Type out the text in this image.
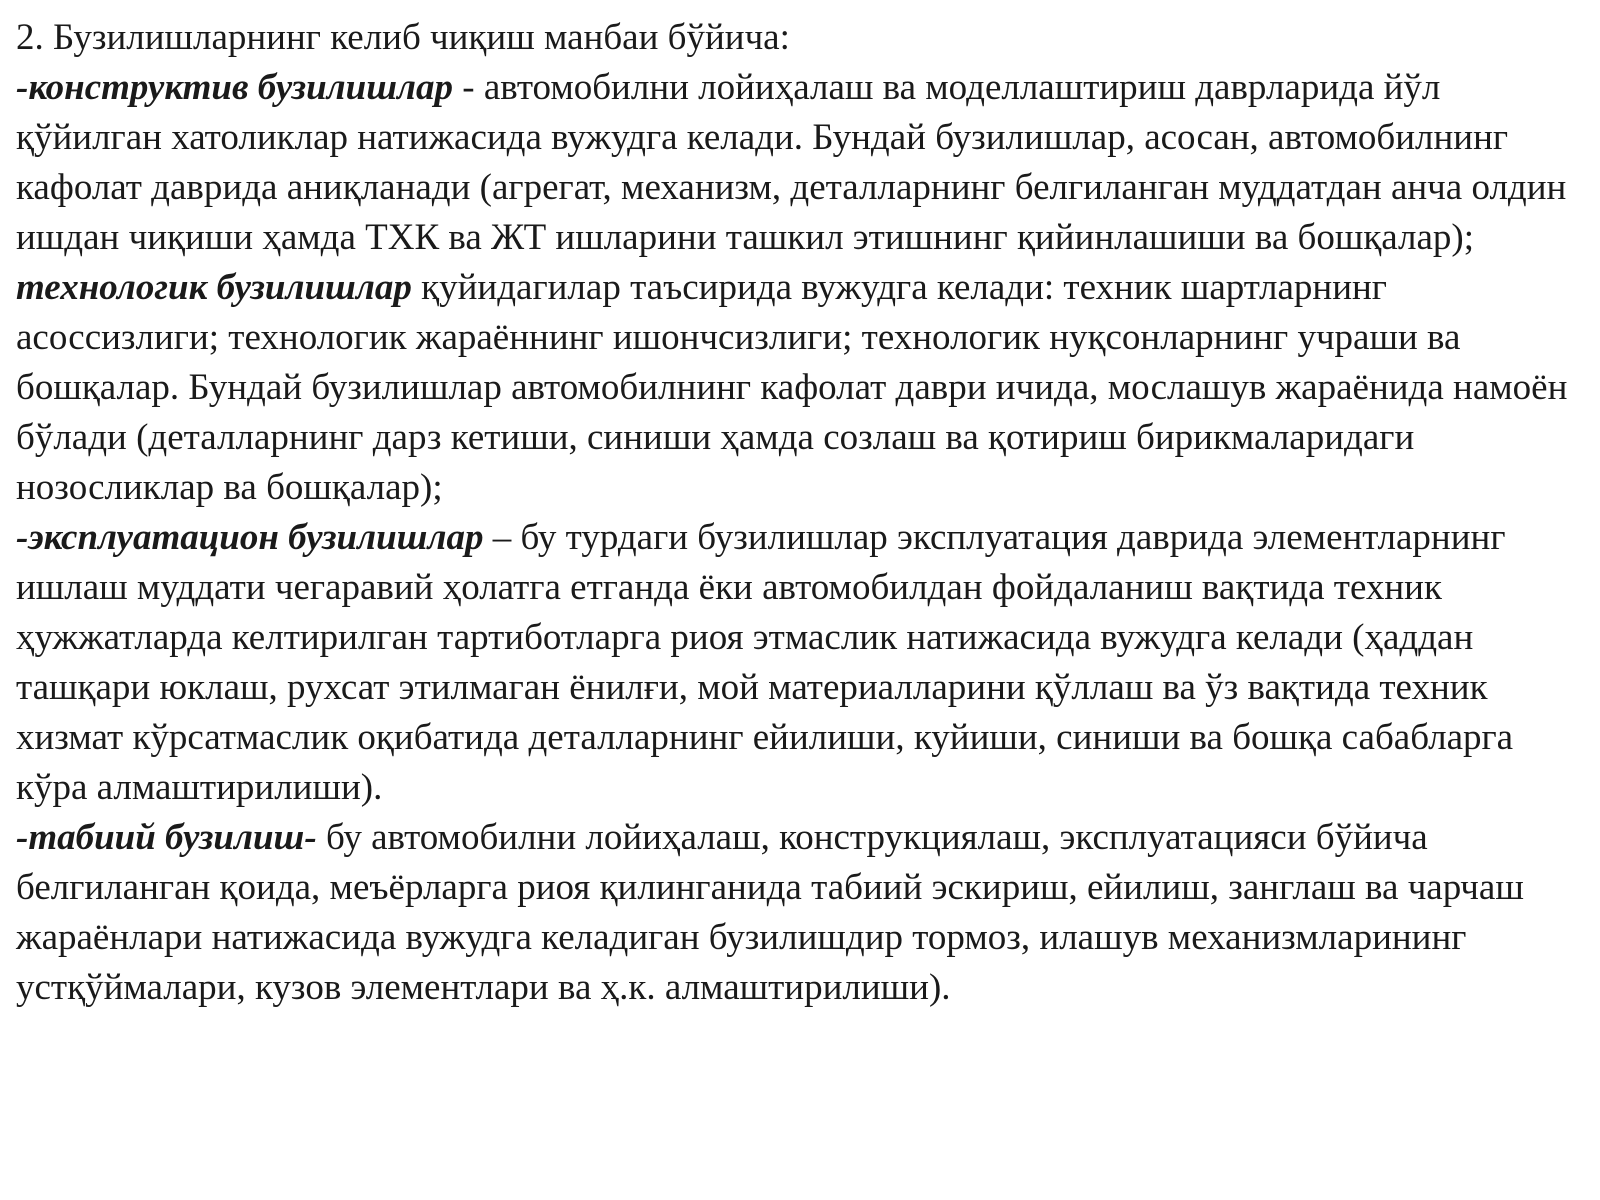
2. Бузилишларнинг келиб чиқиш манбаи бўйича:

-конструктив бузилишлар - автомобилни лойиҳалаш ва моделлаштириш даврларида йўл қўйилган хатоликлар натижасида вужудга келади. Бундай бузилишлар, асосан, автомобилнинг кафолат даврида аниқланади (агрегат, механизм, деталларнинг белгиланган муддатдан анча олдин ишдан чиқиши ҳамда ТХК ва ЖТ ишларини ташкил этишнинг қийинлашиши ва бошқалар);

технологик бузилишлар қуйидагилар таъсирида вужудга келади: техник шартларнинг асоссизлиги; технологик жараённинг ишончсизлиги; технологик нуқсонларнинг учраши ва бошқалар. Бундай бузилишлар автомобилнинг кафолат даври ичида, мослашув жараёнида намоён бўлади (деталларнинг дарз кетиши, синиши ҳамда созлаш ва қотириш бирикмаларидаги нозосликлар ва бошқалар);

-эксплуатацион бузилишлар – бу турдаги бузилишлар эксплуатация даврида элементларнинг ишлаш муддати чегаравий ҳолатга етганда ёки автомобилдан фойдаланиш вақтида техник ҳужжатларда келтирилган тартиботларга риоя этмаслик натижасида вужудга келади (ҳаддан ташқари юклаш, рухсат этилмаган ёнилғи, мой материалларини қўллаш ва ўз вақтида техник хизмат кўрсатмаслик оқибатида деталларнинг ейилиши, куйиши, синиши ва бошқа сабабларга кўра алмаштирилиши).

-табиий бузилиш- бу автомобилни лойиҳалаш, конструкциялаш, эксплуатацияси бўйича белгиланган қоида, меъёрларга риоя қилинганида табиий эскириш, ейилиш, занглаш ва чарчаш жараёнлари натижасида вужудга келадиган бузилишдир тормоз, илашув механизмларининг устқўймалари, кузов элементлари ва ҳ.к. алмаштирилиши).
